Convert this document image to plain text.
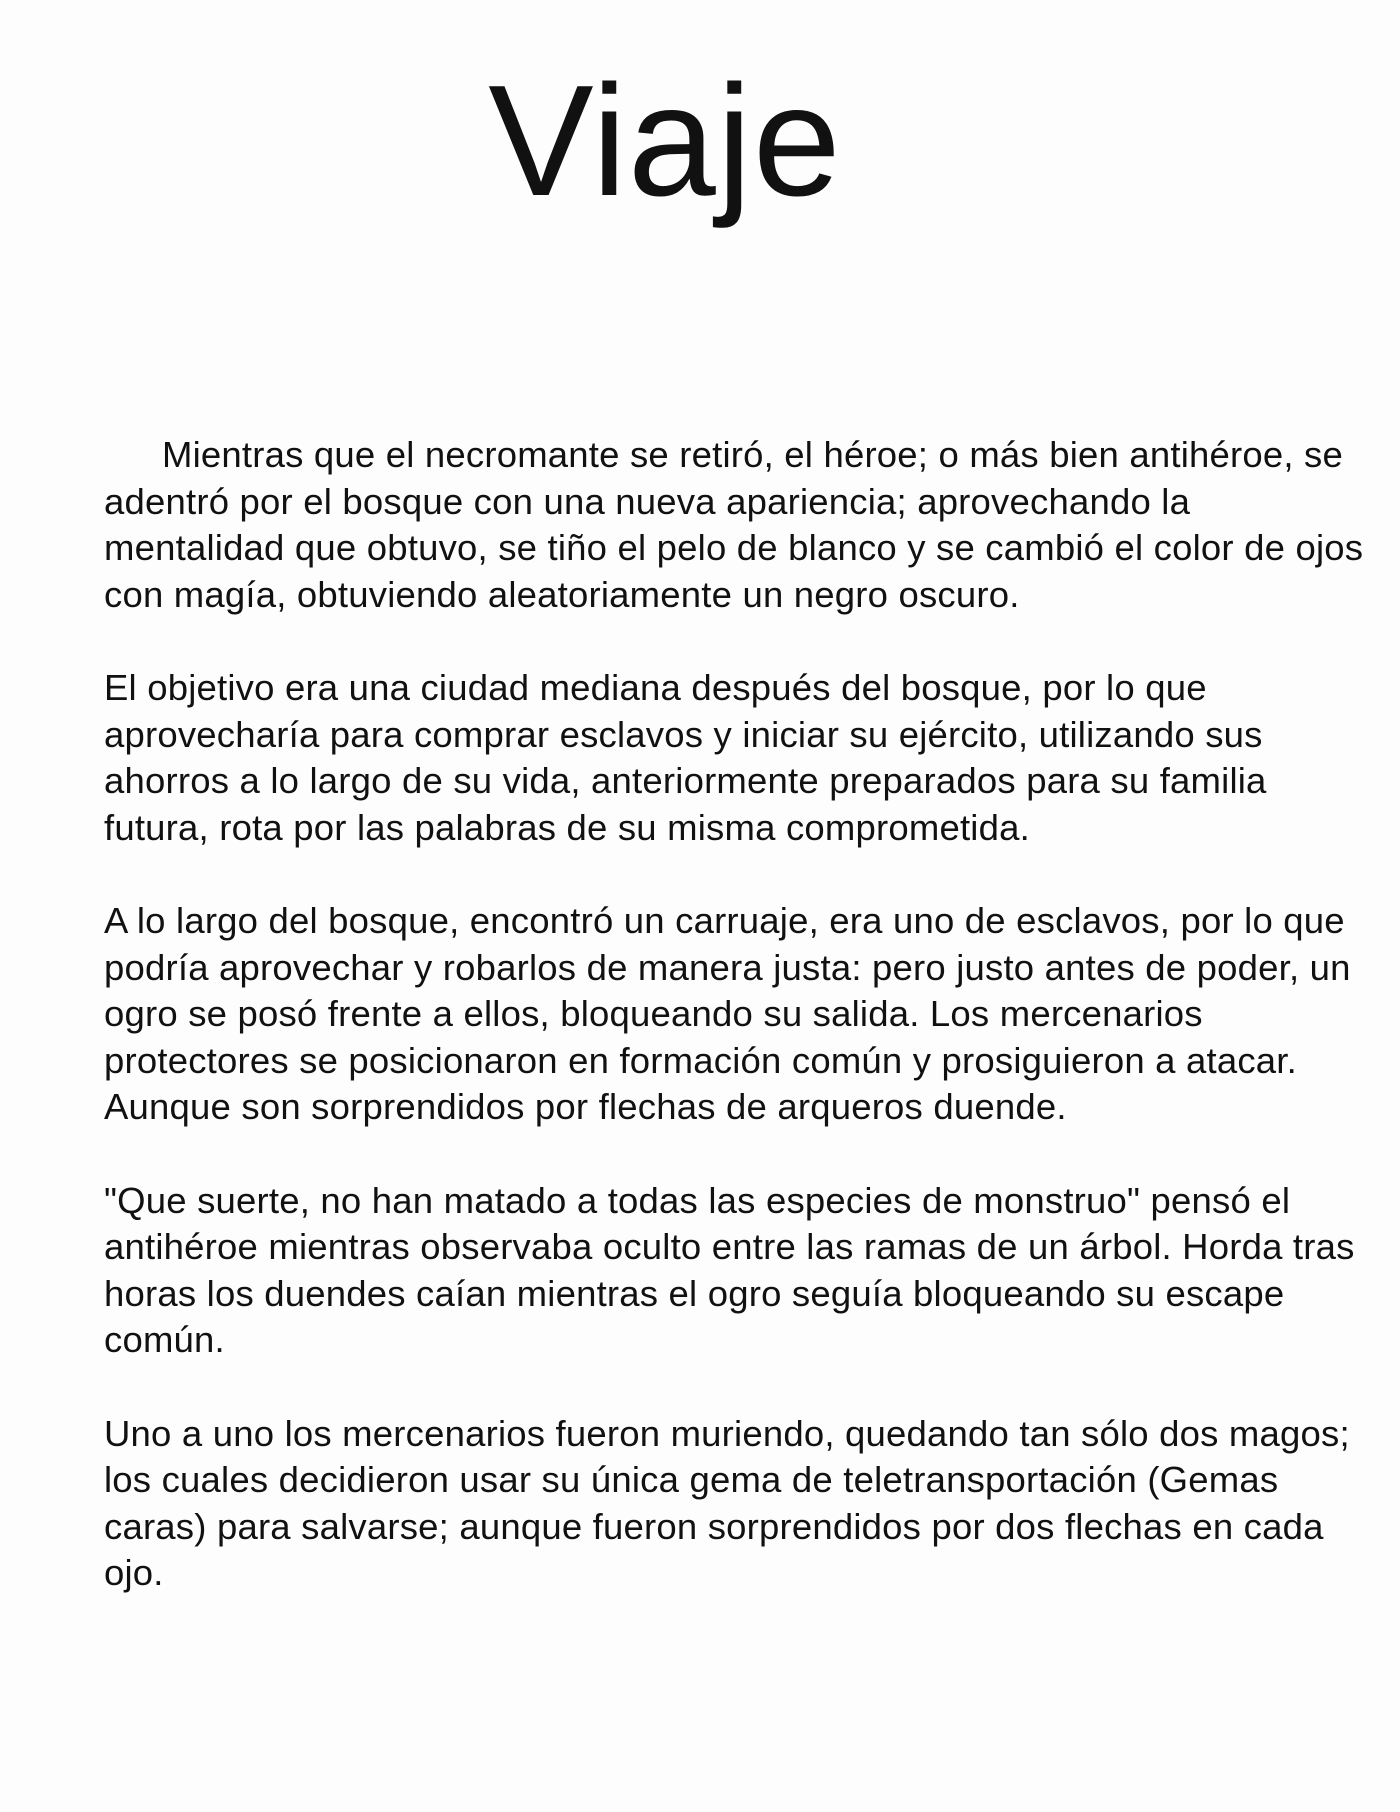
Viaje

Mientras que el necromante se retiró, el héroe; o más bien antihéroe, se adentró por el bosque con una nueva apariencia; aprovechando la mentalidad que obtuvo, se tiño el pelo de blanco y se cambió el color de ojos con magía, obtuviendo aleatoriamente un negro oscuro.

El objetivo era una ciudad mediana después del bosque, por lo que aprovecharía para comprar esclavos y iniciar su ejército, utilizando sus ahorros a lo largo de su vida, anteriormente preparados para su familia futura, rota por las palabras de su misma comprometida.

A lo largo del bosque, encontró un carruaje, era uno de esclavos, por lo que podría aprovechar y robarlos de manera justa: pero justo antes de poder, un ogro se posó frente a ellos, bloqueando su salida. Los mercenarios protectores se posicionaron en formación común y prosiguieron a atacar. Aunque son sorprendidos por flechas de arqueros duende.

"Que suerte, no han matado a todas las especies de monstruo" pensó el antihéroe mientras observaba oculto entre las ramas de un árbol. Horda tras horas los duendes caían mientras el ogro seguía bloqueando su escape común.

Uno a uno los mercenarios fueron muriendo, quedando tan sólo dos magos; los cuales decidieron usar su única gema de teletransportación (Gemas caras) para salvarse; aunque fueron sorprendidos por dos flechas en cada ojo.
